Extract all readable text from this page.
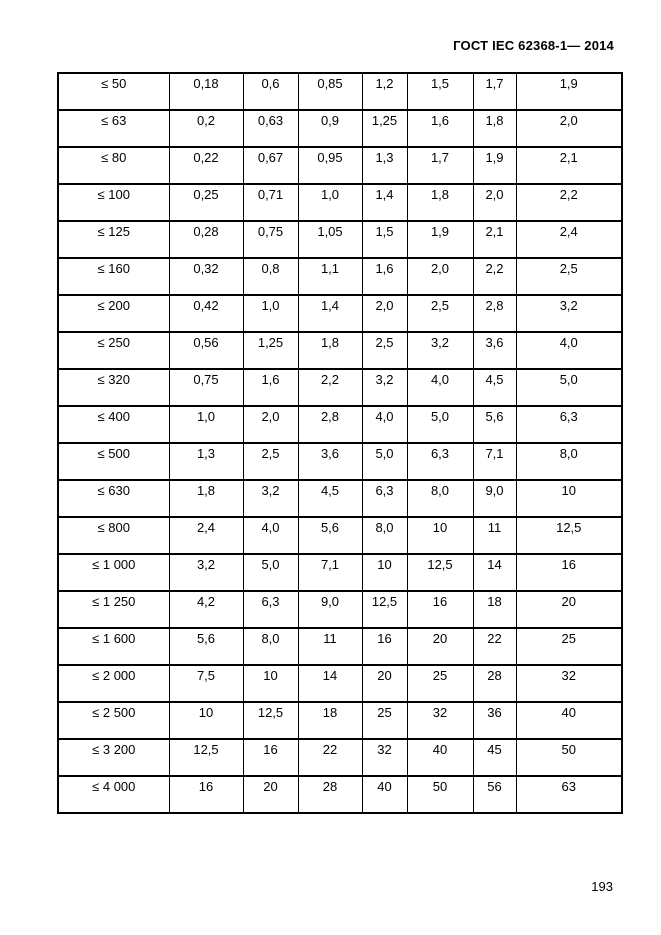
ГОСТ IEC 62368-1— 2014
≤ 50	0,18	0,6	0,85	1,2	1,5	1,7	1,9
≤ 63	0,2	0,63	0,9	1,25	1,6	1,8	2,0
≤ 80	0,22	0,67	0,95	1,3	1,7	1,9	2,1
≤ 100	0,25	0,71	1,0	1,4	1,8	2,0	2,2
≤ 125	0,28	0,75	1,05	1,5	1,9	2,1	2,4
≤ 160	0,32	0,8	1,1	1,6	2,0	2,2	2,5
≤ 200	0,42	1,0	1,4	2,0	2,5	2,8	3,2
≤ 250	0,56	1,25	1,8	2,5	3,2	3,6	4,0
≤ 320	0,75	1,6	2,2	3,2	4,0	4,5	5,0
≤ 400	1,0	2,0	2,8	4,0	5,0	5,6	6,3
≤ 500	1,3	2,5	3,6	5,0	6,3	7,1	8,0
≤ 630	1,8	3,2	4,5	6,3	8,0	9,0	10
≤ 800	2,4	4,0	5,6	8,0	10	11	12,5
≤ 1 000	3,2	5,0	7,1	10	12,5	14	16
≤ 1 250	4,2	6,3	9,0	12,5	16	18	20
≤ 1 600	5,6	8,0	11	16	20	22	25
≤ 2 000	7,5	10	14	20	25	28	32
≤ 2 500	10	12,5	18	25	32	36	40
≤ 3 200	12,5	16	22	32	40	45	50
≤ 4 000	16	20	28	40	50	56	63
193
